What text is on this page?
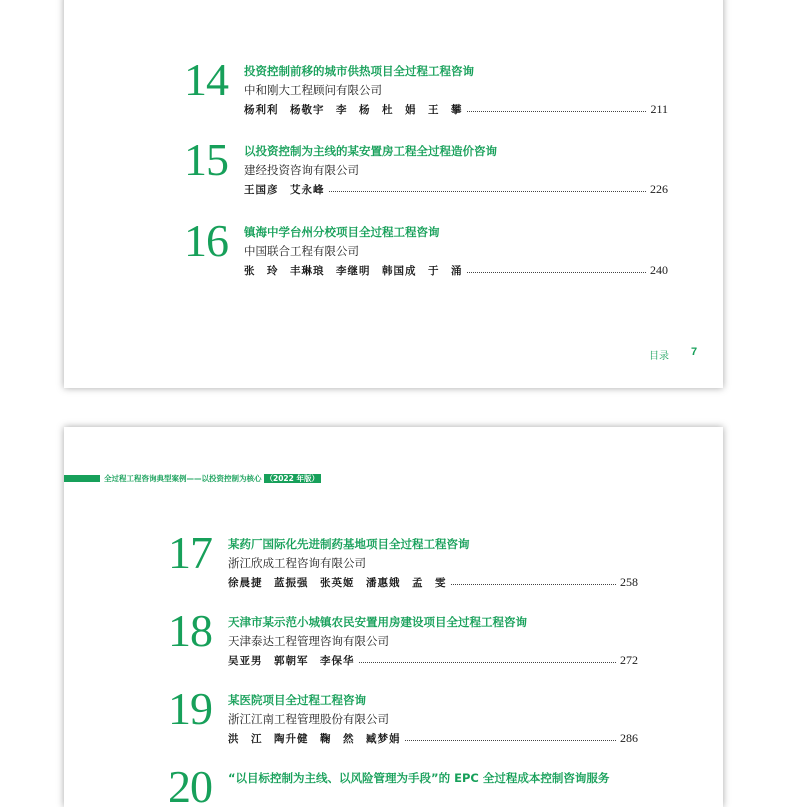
14	投资控制前移的城市供热项目全过程工程咨询
中和刚大工程顾问有限公司
杨利利　杨敬宇　李　杨　杜　娟　王　攀	211
15	以投资控制为主线的某安置房工程全过程造价咨询
建经投资咨询有限公司
王国彦　艾永峰	226
16	镇海中学台州分校项目全过程工程咨询
中国联合工程有限公司
张　玲　丰琳琅　李继明　韩国成　于　涌	240
目录 7
全过程工程咨询典型案例——以投资控制为核心 （2022 年版）
17	某药厂国际化先进制药基地项目全过程工程咨询
浙江欣成工程咨询有限公司
徐晨捷　蓝振强　张英姬　潘惠娥　孟　雯	258
18	天津市某示范小城镇农民安置用房建设项目全过程工程咨询
天津泰达工程管理咨询有限公司
吴亚男　郭朝军　李保华	272
19	某医院项目全过程工程咨询
浙江江南工程管理股份有限公司
洪　江　陶升健　鞠　然　臧梦娟	286
20	“以目标控制为主线、以风险管理为手段”的 EPC 全过程成本控制咨询服务
